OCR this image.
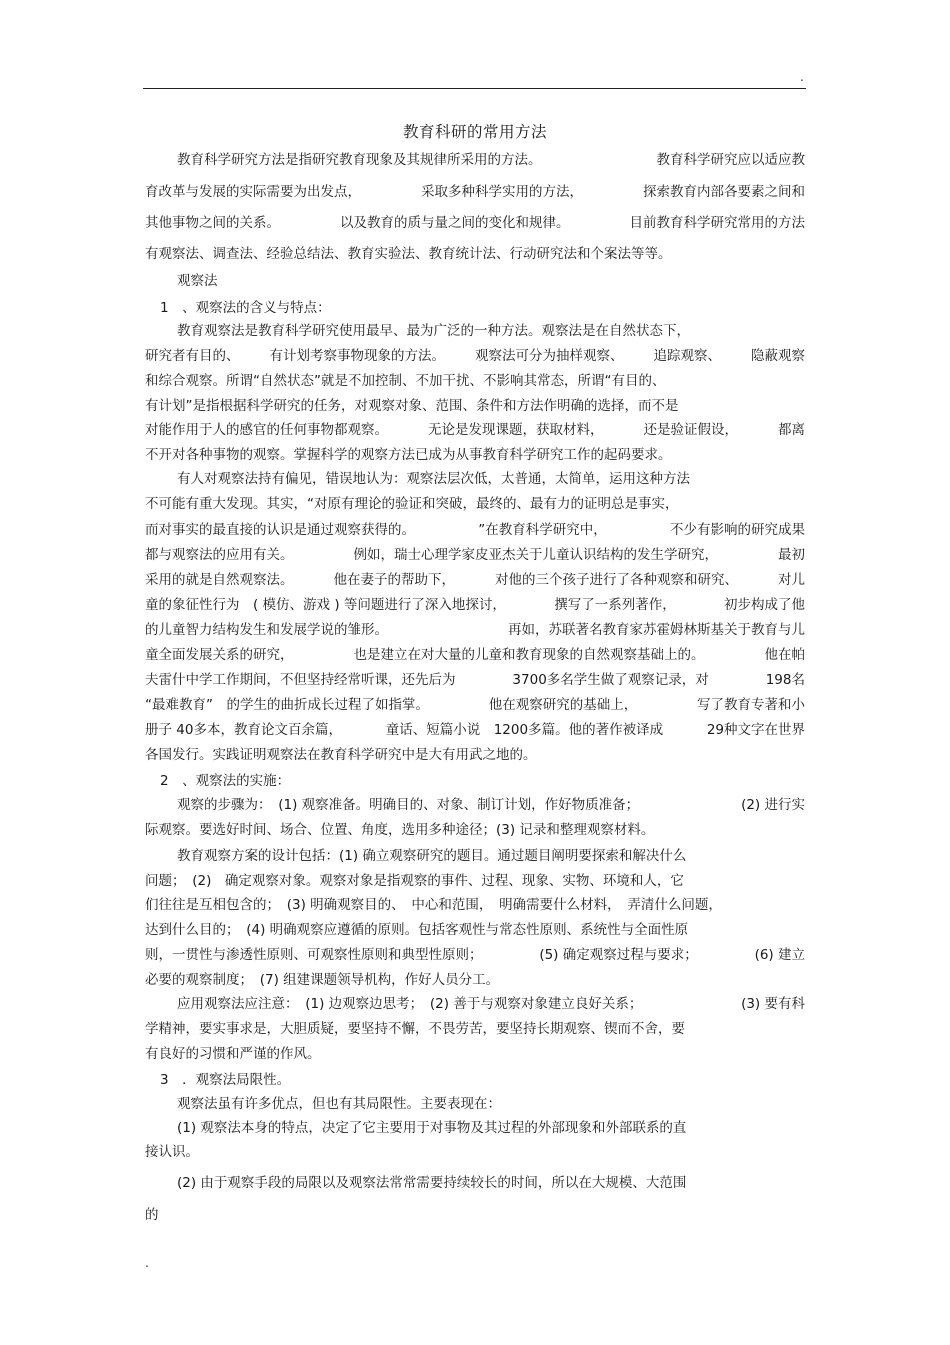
.
教育科研的常用方法
教育科学研究方法是指研究教育现象及其规律所采用的方法。	教育科学研究应以适应教
育改革与发展的实际需要为出发点，	采取多种科学实用的方法，	探索教育内部各要素之间和
其他事物之间的关系。	以及教育的质与量之间的变化和规律。	目前教育科学研究常用的方法
有观察法、调查法、经验总结法、教育实验法、教育统计法、行动研究法和个案法等等。
观察法
1　、观察法的含义与特点：
教育观察法是教育科学研究使用最早、最为广泛的一种方法。观察法是在自然状态下，
研究者有目的、 有计划考察事物现象的方法。 观察法可分为抽样观察、 追踪观察、 隐蔽观察
和综合观察。所谓“自然状态”就是不加控制、不加干扰、不影响其常态，所谓“有目的、
有计划”是指根据科学研究的任务，对观察对象、范围、条件和方法作明确的选择，而不是
对能作用于人的感官的任何事物都观察。	无论是发现课题，获取材料，	还是验证假设，	都离
不开对各种事物的观察。掌握科学的观察方法已成为从事教育科学研究工作的起码要求。
有人对观察法持有偏见，错误地认为：观察法层次低，太普通，太简单，运用这种方法
不可能有重大发现。其实，“对原有理论的验证和突破，最终的、最有力的证明总是事实，
而对事实的最直接的认识是通过观察获得的。	”在教育科学研究中，	不少有影响的研究成果
都与观察法的应用有关。	例如，瑞士心理学家皮亚杰关于儿童认识结构的发生学研究，	最初
采用的就是自然观察法。	他在妻子的帮助下，	对他的三个孩子进行了各种观察和研究、	对儿
童的象征性行为　( 模仿、游戏 ) 等问题进行了深入地探讨，	撰写了一系列著作，	初步构成了他
的儿童智力结构发生和发展学说的雏形。	再如，苏联著名教育家苏霍姆林斯基关于教育与儿
童全面发展关系的研究，	也是建立在对大量的儿童和教育现象的自然观察基础上的。	他在帕
夫雷什中学工作期间，不但坚持经常听课，还先后为	3700多名学生做了观察记录，对	198名
“最难教育”　的学生的曲折成长过程了如指掌。	他在观察研究的基础上，	写了教育专著和小
册子 40多本，教育论文百余篇，	童话、短篇小说　1200多篇。他的著作被译成	29种文字在世界
各国发行。实践证明观察法在教育科学研究中是大有用武之地的。
2　、观察法的实施：
观察的步骤为：　(1) 观察准备。明确目的、对象、制订计划，作好物质准备；	(2) 进行实
际观察。要选好时间、场合、位置、角度，选用多种途径；(3) 记录和整理观察材料。
教育观察方案的设计包括：(1) 确立观察研究的题目。通过题目阐明要探索和解决什么
问题；　(2)　确定观察对象。观察对象是指观察的事件、过程、现象、实物、环境和人，它
们往往是互相包含的；　(3) 明确观察目的、　中心和范围，　明确需要什么材料，　弄清什么问题，
达到什么目的；　(4) 明确观察应遵循的原则。包括客观性与常态性原则、系统性与全面性原
则，一贯性与渗透性原则、可观察性原则和典型性原则；	(5) 确定观察过程与要求；	(6) 建立
必要的观察制度；　(7) 组建课题领导机构，作好人员分工。
应用观察法应注意：　(1) 边观察边思考；　(2) 善于与观察对象建立良好关系；	(3) 要有科
学精神，要实事求是，大胆质疑，要坚持不懈，不畏劳苦，要坚持长期观察、锲而不舍，要
有良好的习惯和严谨的作风。
3　．观察法局限性。
观察法虽有许多优点，但也有其局限性。主要表现在：
(1) 观察法本身的特点，决定了它主要用于对事物及其过程的外部现象和外部联系的直
接认识。
(2) 由于观察手段的局限以及观察法常常需要持续较长的时间，所以在大规模、大范围
的
.
